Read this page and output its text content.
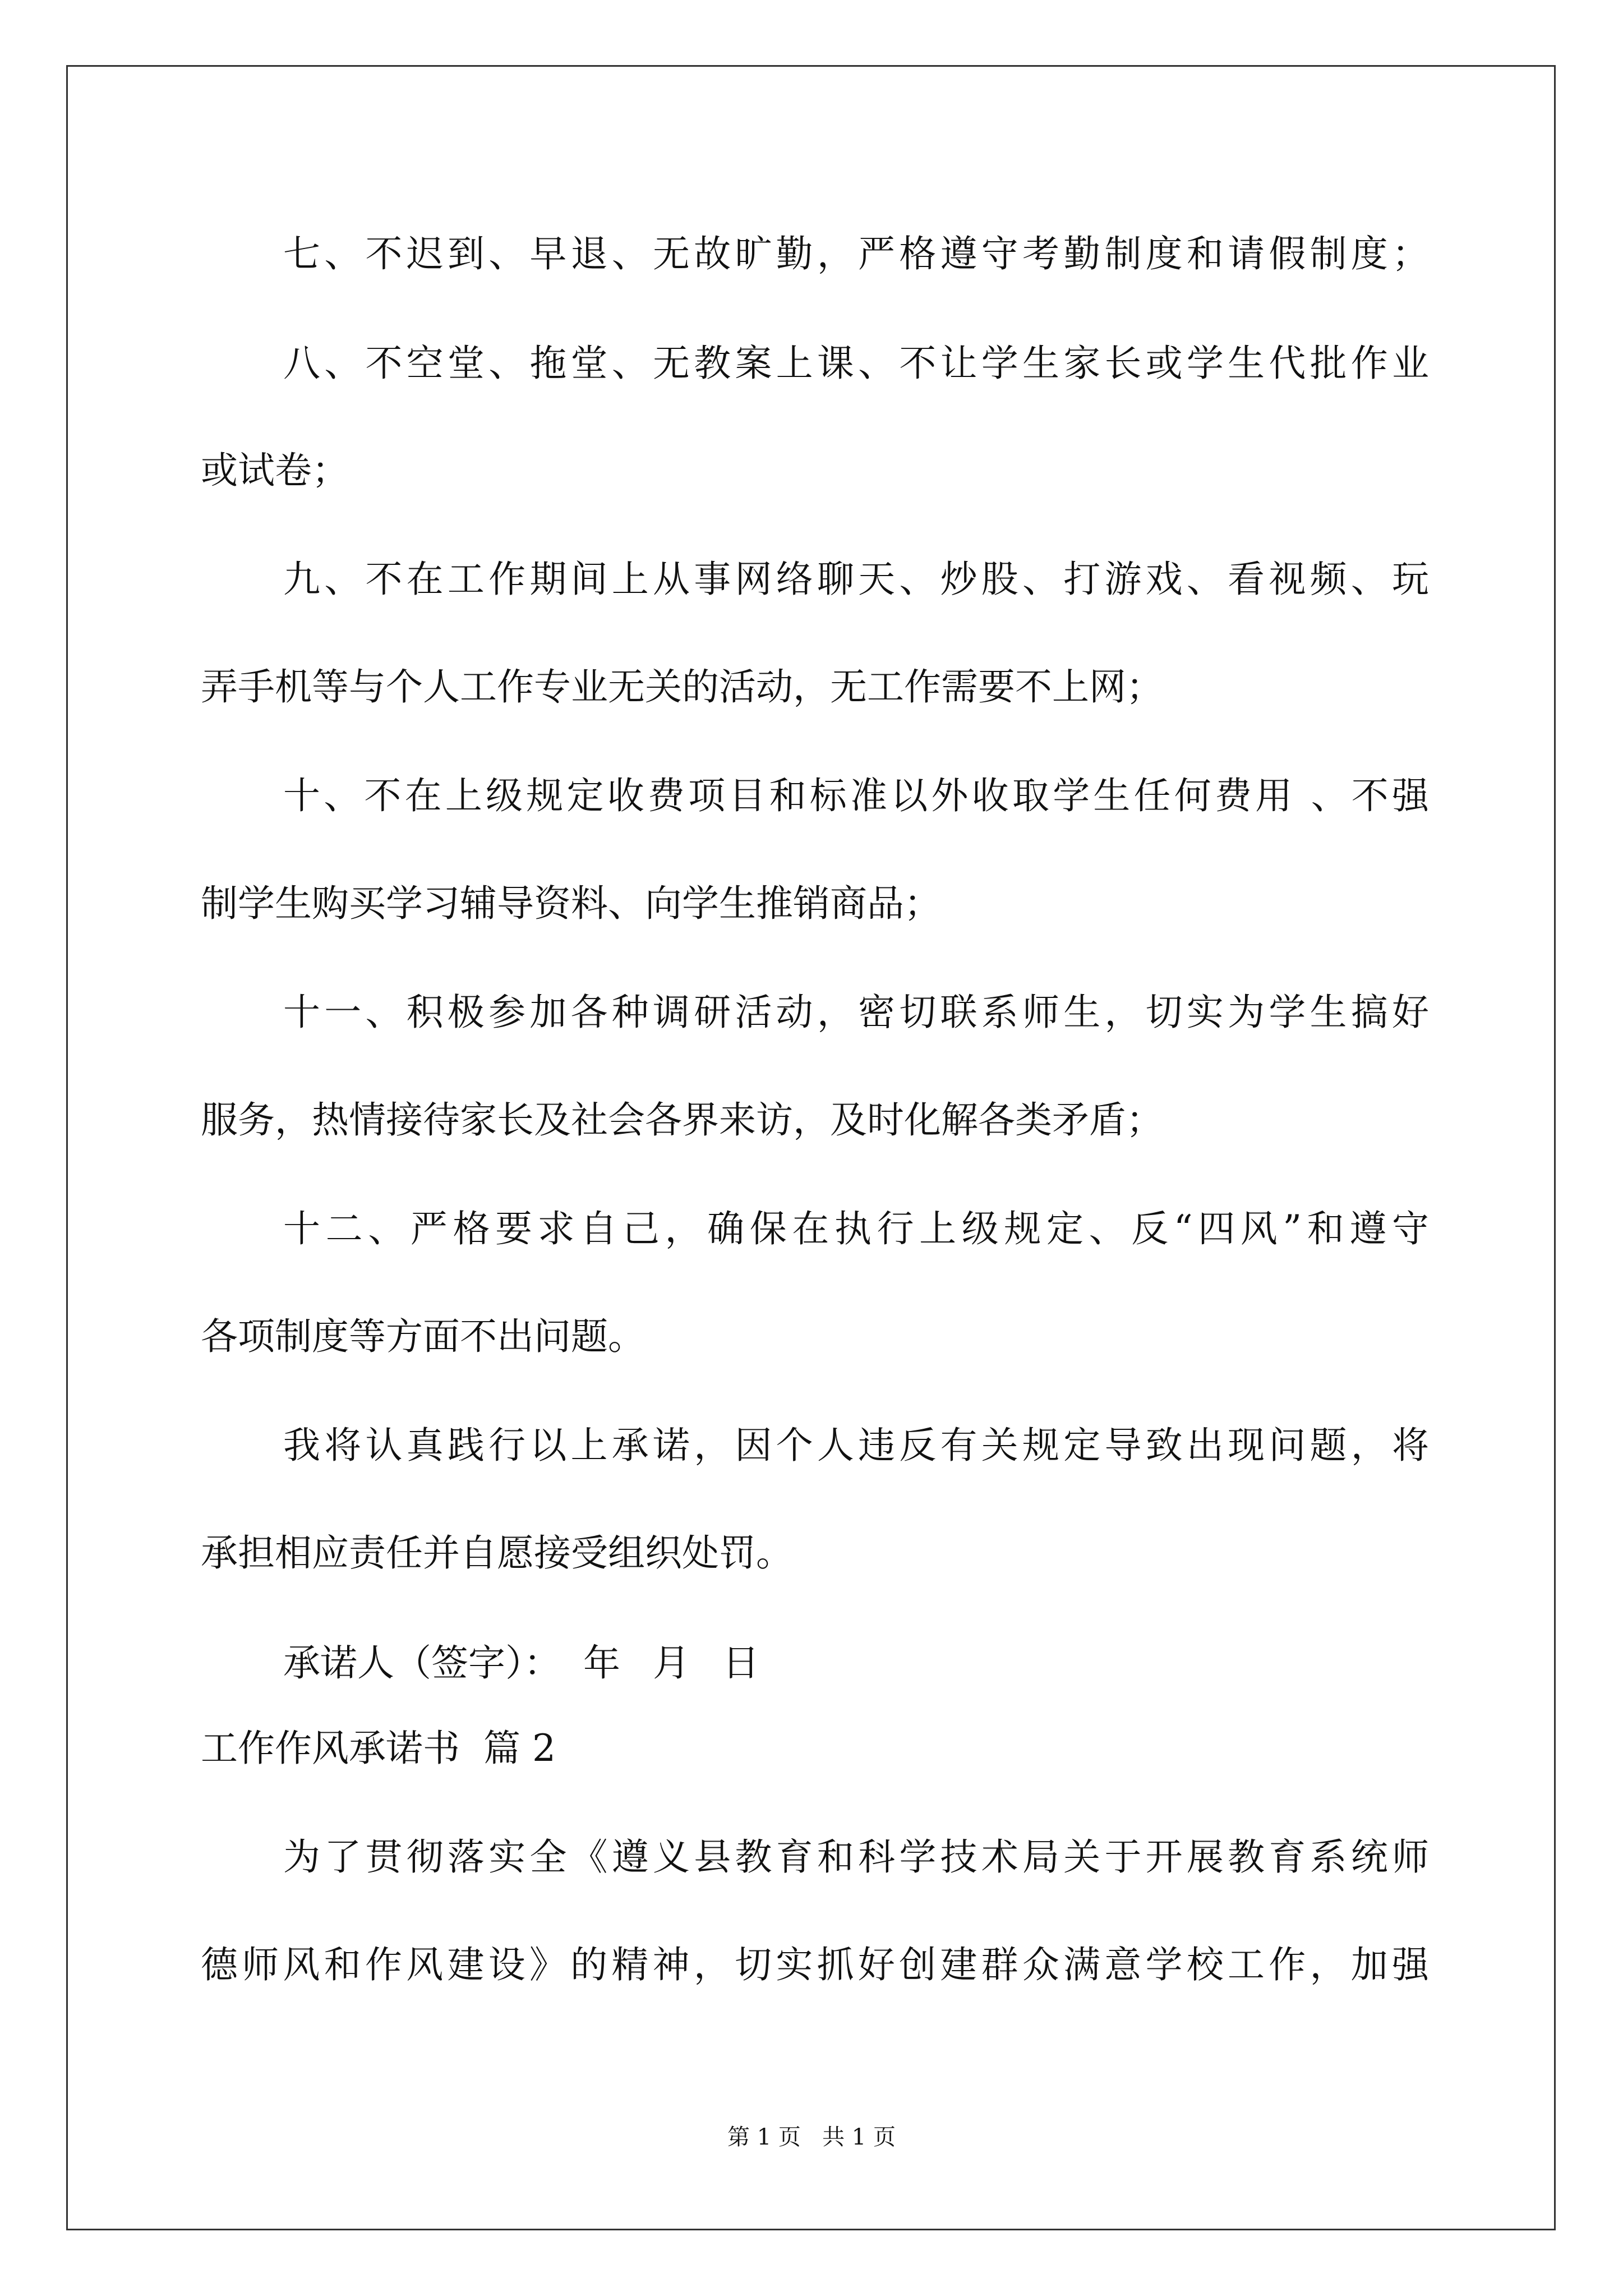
七、不迟到、早退、无故旷勤，严格遵守考勤制度和请假制度；
八、不空堂、拖堂、无教案上课、不让学生家长或学生代批作业
或试卷；
九、不在工作期间上从事网络聊天、炒股、打游戏、看视频、玩
弄手机等与个人工作专业无关的活动，无工作需要不上网；
十、不在上级规定收费项目和标准以外收取学生任何费用 、不强
制学生购买学习辅导资料、向学生推销商品；
十一、积极参加各种调研活动，密切联系师生，切实为学生搞好
服务，热情接待家长及社会各界来访，及时化解各类矛盾；
十二、严格要求自己，确保在执行上级规定、反“四风”和遵守
各项制度等方面不出问题。
我将认真践行以上承诺，因个人违反有关规定导致出现问题，将
承担相应责任并自愿接受组织处罚。
承诺人（签字）： 年 月 日
工作作风承诺书  篇 2
为了贯彻落实全《遵义县教育和科学技术局关于开展教育系统师
德师风和作风建设》的精神，切实抓好创建群众满意学校工作，加强
第 1 页   共 1 页
